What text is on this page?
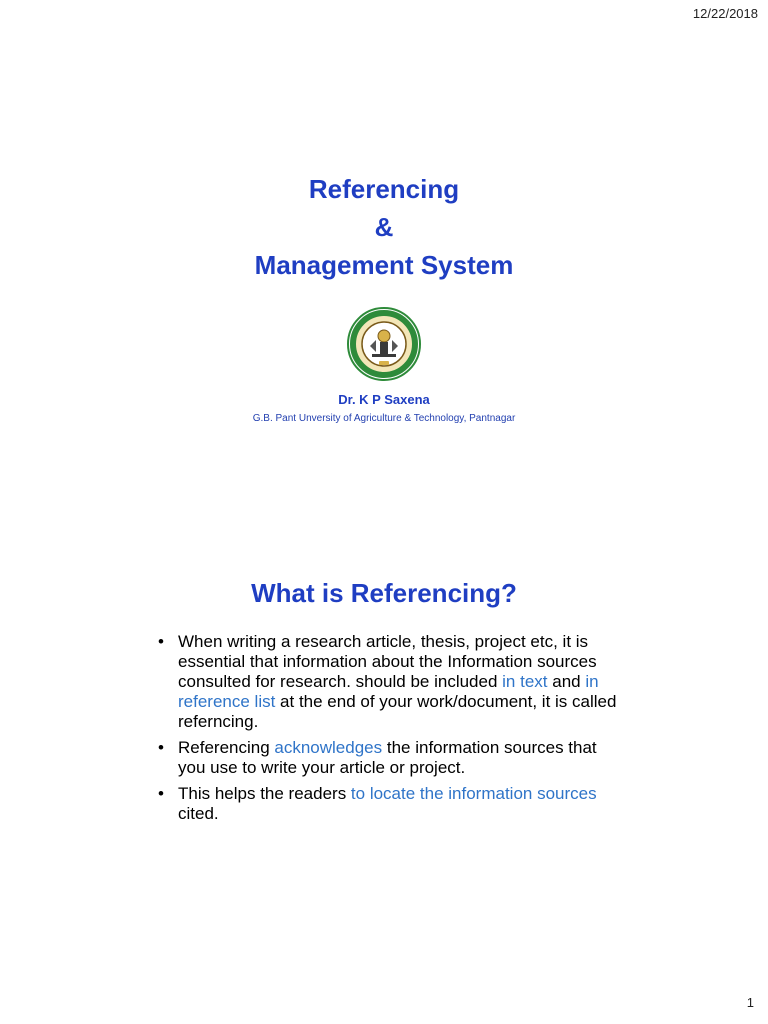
12/22/2018
Referencing
&
Management System
Dr. K P Saxena
G.B. Pant Unversity of Agriculture & Technology, Pantnagar
What is Referencing?
• When writing a research article, thesis, project etc, it is essential that information about the Information sources consulted for research. should be included in text and in reference list at the end of your work/document, it is called referncing.
• Referencing acknowledges the information sources that you use to write your article or project.
• This helps the readers to locate the information sources cited.
1
